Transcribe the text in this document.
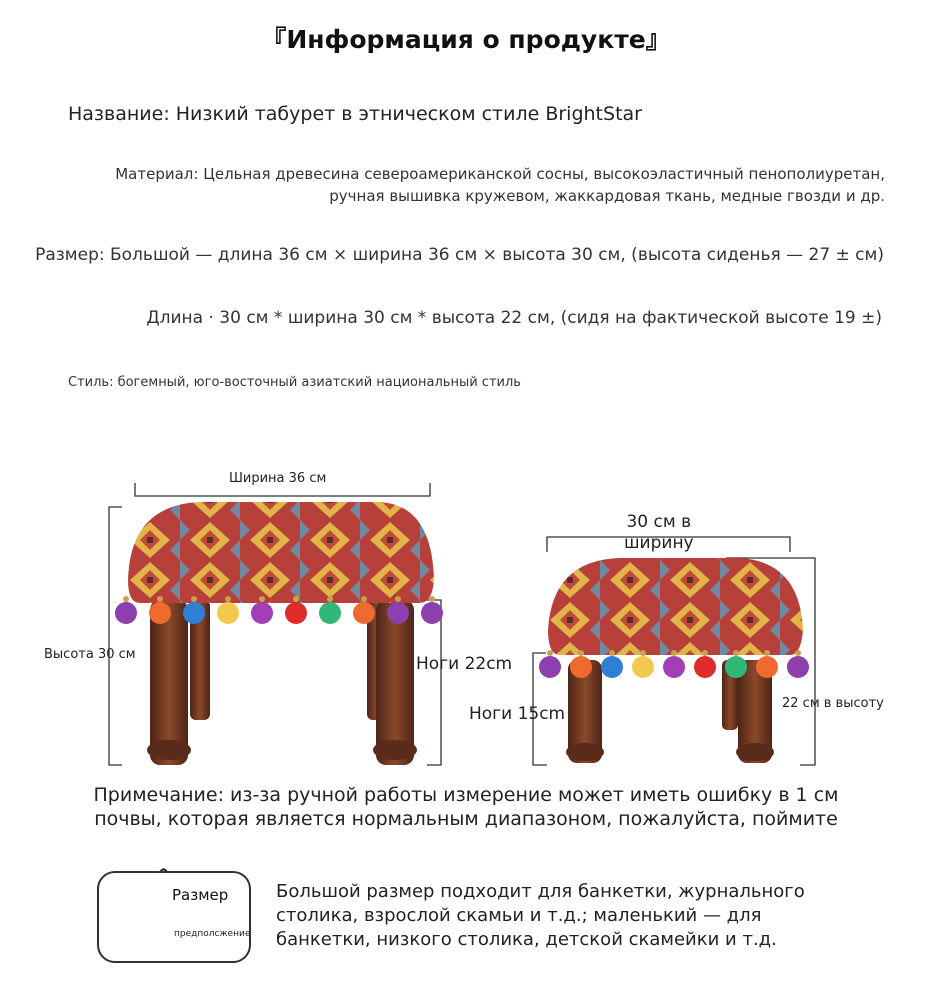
『Информация о продукте』
Название: Низкий табурет в этническом стиле BrightStar
Материал: Цельная древесина североамериканской сосны, высокоэластичный пенополиуретан,
ручная вышивка кружевом, жаккардовая ткань, медные гвозди и др.
Размер: Большой — длина 36 см × ширина 36 см × высота 30 см, (высота сиденья — 27 ± см)
Длина · 30 см * ширина 30 см * высота 22 см, (сидя на фактической высоте 19 ±)
Стиль: богемный, юго-восточный азиатский национальный стиль
Ширина 36 см
Высота 30 см	Ноги 22cm
30 см в
ширину
22 см в высоту
Ноги 15cm
Примечание: из-за ручной работы измерение может иметь ошибку в 1 см
почвы, которая является нормальным диапазоном, пожалуйста, поймите
Размер
предполсжение
Большой размер подходит для банкетки, журнального
столика, взрослой скамьи и т.д.; маленький — для
банкетки, низкого столика, детской скамейки и т.д.
